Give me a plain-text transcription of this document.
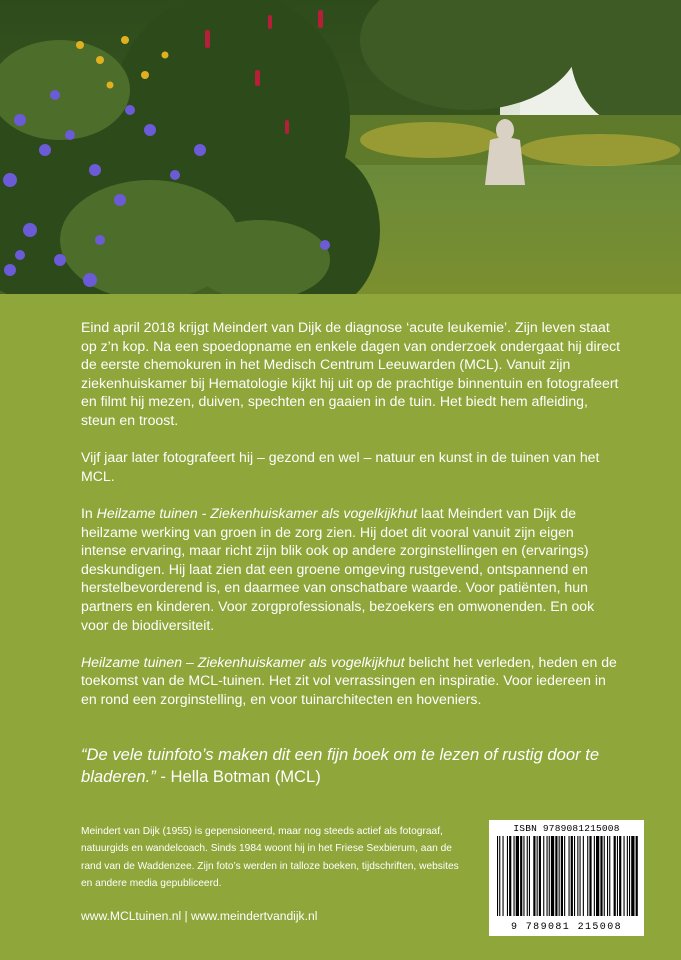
Eind april 2018 krijgt Meindert van Dijk de diagnose ‘acute leukemie’. Zijn leven staat op z’n kop. Na een spoedopname en enkele dagen van onderzoek ondergaat hij direct de eerste chemokuren in het Medisch Centrum Leeuwarden (MCL). Vanuit zijn ziekenhuiskamer bij Hematologie kijkt hij uit op de prachtige binnentuin en fotografeert en filmt hij mezen, duiven, spechten en gaaien in de tuin. Het biedt hem afleiding, steun en troost.

Vijf jaar later fotografeert hij – gezond en wel – natuur en kunst in de tuinen van het MCL.

In Heilzame tuinen - Ziekenhuiskamer als vogelkijkhut laat Meindert van Dijk de heilzame werking van groen in de zorg zien. Hij doet dit vooral vanuit zijn eigen intense ervaring, maar richt zijn blik ook op andere zorginstellingen en (ervarings) deskundigen. Hij laat zien dat een groene omgeving rustgevend, ontspannend en herstelbevorderend is, en daarmee van onschatbare waarde. Voor patiënten, hun partners en kinderen. Voor zorgprofessionals, bezoekers en omwonenden. En ook voor de biodiversiteit.

Heilzame tuinen – Ziekenhuiskamer als vogelkijkhut belicht het verleden, heden en de toekomst van de MCL-tuinen. Het zit vol verrassingen en inspiratie. Voor iedereen in en rond een zorginstelling, en voor tuinarchitecten en hoveniers.

“De vele tuinfoto’s maken dit een fijn boek om te lezen of rustig door te bladeren.” - Hella Botman (MCL)
Meindert van Dijk (1955) is gepensioneerd, maar nog steeds actief als fotograaf, natuurgids en wandelcoach. Sinds 1984 woont hij in het Friese Sexbierum, aan de rand van de Waddenzee. Zijn foto’s werden in talloze boeken, tijdschriften, websites en andere media gepubliceerd.
www.MCLtuinen.nl | www.meindertvandijk.nl
ISBN 9789081215008
9 789081 215008
